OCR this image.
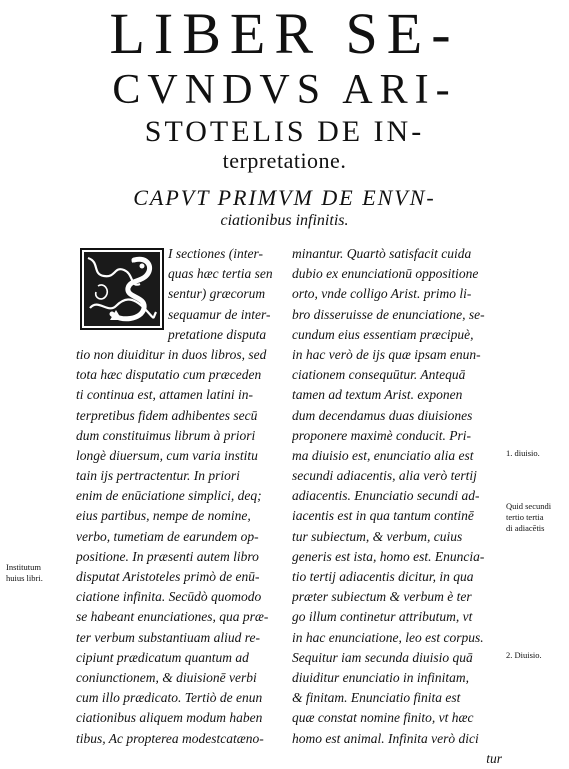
LIBER SE-
CVNDVS ARI-
STOTELIS DE IN-
terpretatione.
CAPVT PRIMVM DE ENVN-
ciationibus infinitis.
S
I sectiones (inter-
quas hæc tertia sen
sentur) græcorum
sequamur de inter-
pretatione disputa
tio non diuiditur in duos libros, sed
tota hæc disputatio cum præceden
ti continua est, attamen latini in-
terpretibus fidem adhibentes secū
dum constituimus librum à priori
longè diuersum, cum varia institu
tain ijs pertractentur. In priori
enim de enūciatione simplici, deq;
eius partibus, nempe de nomine,
verbo, tumetiam de earundem op-
positione. In præsenti autem libro
disputat Aristoteles primò de enū-
ciatione infinita. Secūdò quomodo
se habeant enunciationes, qua præ-
ter verbum substantiuam aliud re-
cipiunt prædicatum quantum ad
coniunctionem, & diuisionē verbi
cum illo prædicato. Tertiò de enun
ciationibus aliquem modum haben
tibus, Ac propterea modestcatæno-
minantur. Quartò satisfacit cuida
dubio ex enunciationū oppositione
orto, vnde colligo Arist. primo li-
bro disseruisse de enunciatione, se-
cundum eius essentiam præcipuè,
in hac verò de ijs quæ ipsam enun-
ciationem consequūtur. Antequā
tamen ad textum Arist. exponen
dum decendamus duas diuisiones
proponere maximè conducit. Pri-
ma diuisio est, enunciatio alia est
secundi adiacentis, alia verò tertij
adiacentis. Enunciatio secundi ad-
iacentis est in qua tantum continē
tur subiectum, & verbum, cuius
generis est ista, homo est. Enuncia-
tio tertij adiacentis dicitur, in qua
præter subiectum & verbum è ter
go illum continetur attributum, vt
in hac enunciatione, leo est corpus.
Sequitur iam secunda diuisio quā
diuiditur enunciatio in infinitam,
& finitam. Enunciatio finita est
quæ constat nomine finito, vt hæc
homo est animal. Infinita verò dici
tur
Institutum
huius libri.
1. diuisio.
Quid secundi
tertio tertia
di adiacētis
2. Diuisio.
